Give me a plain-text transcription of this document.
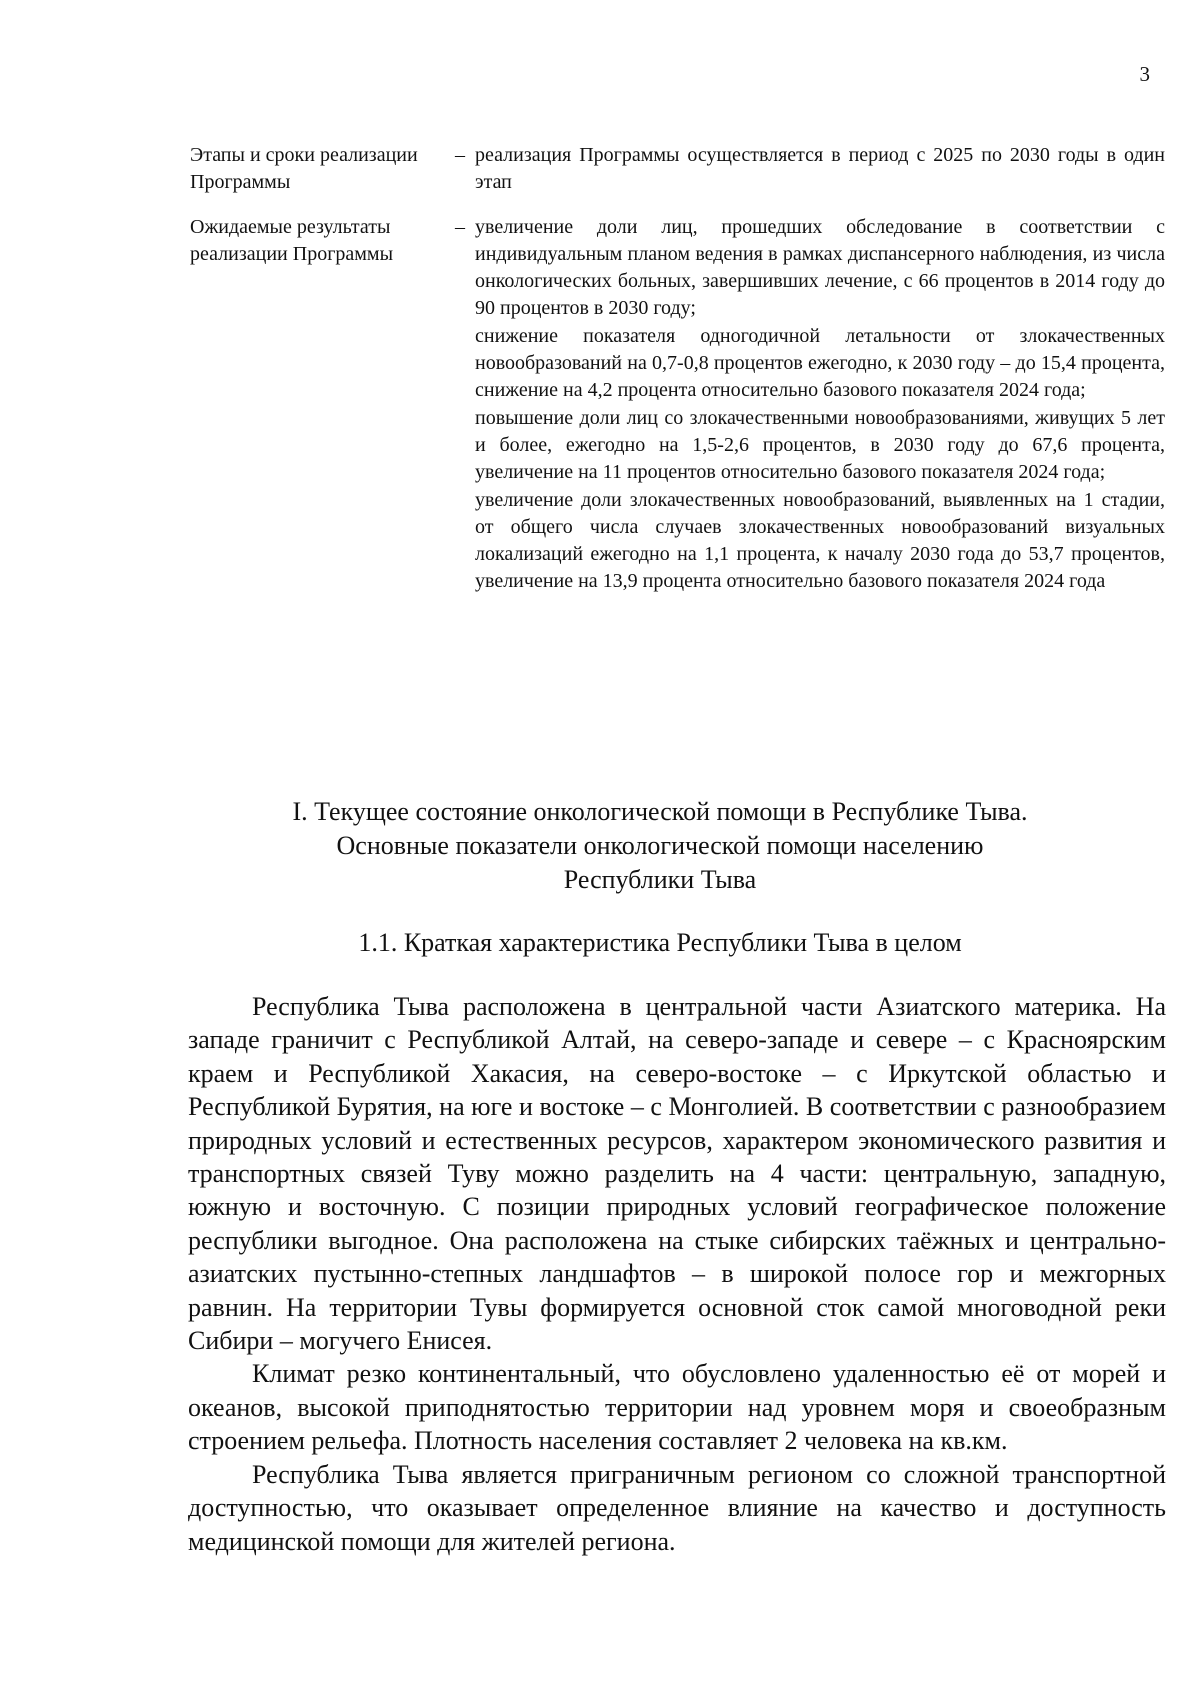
3
Этапы и сроки реализации Программы
– реализация Программы осуществляется в период с 2025 по 2030 годы в один этап

Ожидаемые результаты реализации Программы
– увеличение доли лиц, прошедших обследование в соответствии с индивидуальным планом ведения в рамках диспансерного наблюдения, из числа онкологических больных, завершивших лечение, с 66 процентов в 2014 году до 90 процентов в 2030 году;

снижение показателя одногодичной летальности от злокачественных новообразований на 0,7-0,8 процентов ежегодно, к 2030 году – до 15,4 процента, снижение на 4,2 процента относительно базового показателя 2024 года;

повышение доли лиц со злокачественными новообразованиями, живущих 5 лет и более, ежегодно на 1,5-2,6 процентов, в 2030 году до 67,6 процента, увеличение на 11 процентов относительно базового показателя 2024 года;

увеличение доли злокачественных новообразований, выявленных на 1 стадии, от общего числа случаев злокачественных новообразований визуальных локализаций ежегодно на 1,1 процента, к началу 2030 года до 53,7 процентов, увеличение на 13,9 процента относительно базового показателя 2024 года

I. Текущее состояние онкологической помощи в Республике Тыва.
Основные показатели онкологической помощи населению
Республики Тыва
1.1. Краткая характеристика Республики Тыва в целом

Республика Тыва расположена в центральной части Азиатского материка. На западе граничит с Республикой Алтай, на северо-западе и севере – с Красноярским краем и Республикой Хакасия, на северо-востоке – с Иркутской областью и Республикой Бурятия, на юге и востоке – с Монголией. В соответствии с разнообразием природных условий и естественных ресурсов, характером экономического развития и транспортных связей Туву можно разделить на 4 части: центральную, западную, южную и восточную. С позиции природных условий географическое положение республики выгодное. Она расположена на стыке сибирских таёжных и центрально-азиатских пустынно-степных ландшафтов – в широкой полосе гор и межгорных равнин. На территории Тувы формируется основной сток самой многоводной реки Сибири – могучего Енисея.

Климат резко континентальный, что обусловлено удаленностью её от морей и океанов, высокой приподнятостью территории над уровнем моря и своеобразным строением рельефа. Плотность населения составляет 2 человека на кв.км.

Республика Тыва является приграничным регионом со сложной транспортной доступностью, что оказывает определенное влияние на качество и доступность медицинской помощи для жителей региона.
